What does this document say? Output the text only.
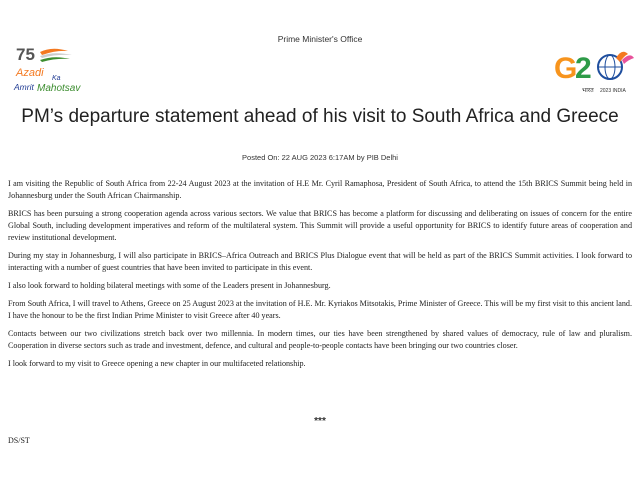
Prime Minister's Office
75
Azadi Ka
Amrit Mahotsav
G
2
भारत 2023 INDIA
PM’s departure statement ahead of his visit to South Africa and Greece
Posted On: 22 AUG 2023 6:17AM by PIB Delhi

I am visiting the Republic of South Africa from 22-24 August 2023 at the invitation of H.E Mr. Cyril Ramaphosa, President of South Africa, to attend the 15th BRICS Summit being held in Johannesburg under the South African Chairmanship.

BRICS has been pursuing a strong cooperation agenda across various sectors. We value that BRICS has become a platform for discussing and deliberating on issues of concern for the entire Global South, including development imperatives and reform of the multilateral system. This Summit will provide a useful opportunity for BRICS to identify future areas of cooperation and review institutional development.

During my stay in Johannesburg, I will also participate in BRICS–Africa Outreach and BRICS Plus Dialogue event that will be held as part of the BRICS Summit activities. I look forward to interacting with a number of guest countries that have been invited to participate in this event.

I also look forward to holding bilateral meetings with some of the Leaders present in Johannesburg.

From South Africa, I will travel to Athens, Greece on 25 August 2023 at the invitation of H.E. Mr. Kyriakos Mitsotakis, Prime Minister of Greece. This will be my first visit to this ancient land. I have the honour to be the first Indian Prime Minister to visit Greece after 40 years.

Contacts between our two civilizations stretch back over two millennia. In modern times, our ties have been strengthened by shared values of democracy, rule of law and pluralism. Cooperation in diverse sectors such as trade and investment, defence, and cultural and people-to-people contacts have been bringing our two countries closer.

I look forward to my visit to Greece opening a new chapter in our multifaceted relationship.

***
DS/ST
